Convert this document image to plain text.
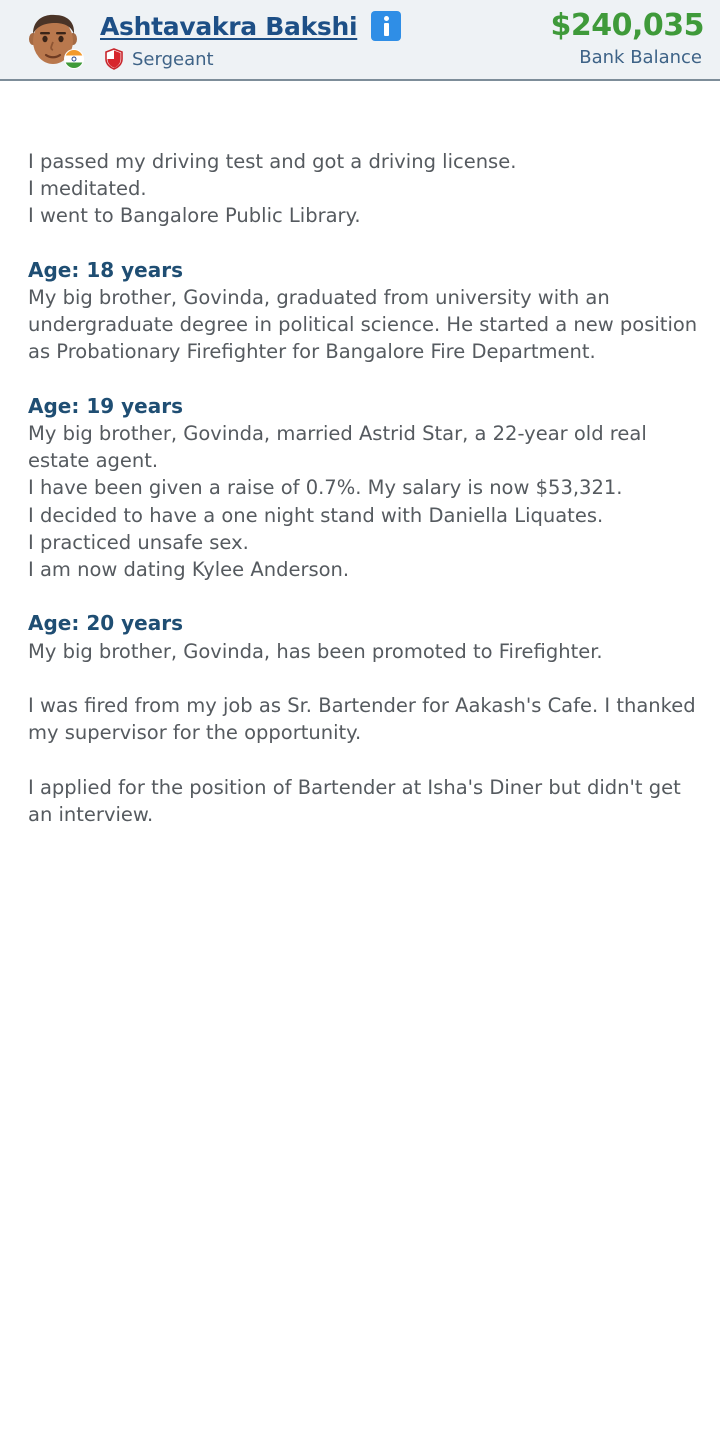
Ashtavakra Bakshi
Sergeant
$240,035
Bank Balance

I passed my driving test and got a driving license.

I meditated.

I went to Bangalore Public Library.

Age: 18 years

My big brother, Govinda, graduated from university with an undergraduate degree in political science. He started a new position as Probationary Firefighter for Bangalore Fire Department.

Age: 19 years

My big brother, Govinda, married Astrid Star, a 22-year old real estate agent.

I have been given a raise of 0.7%. My salary is now $53,321.

I decided to have a one night stand with Daniella Liquates.

I practiced unsafe sex.

I am now dating Kylee Anderson.

Age: 20 years

My big brother, Govinda, has been promoted to Firefighter.

I was fired from my job as Sr. Bartender for Aakash's Cafe. I thanked my supervisor for the opportunity.

I applied for the position of Bartender at Isha's Diner but didn't get an interview.
